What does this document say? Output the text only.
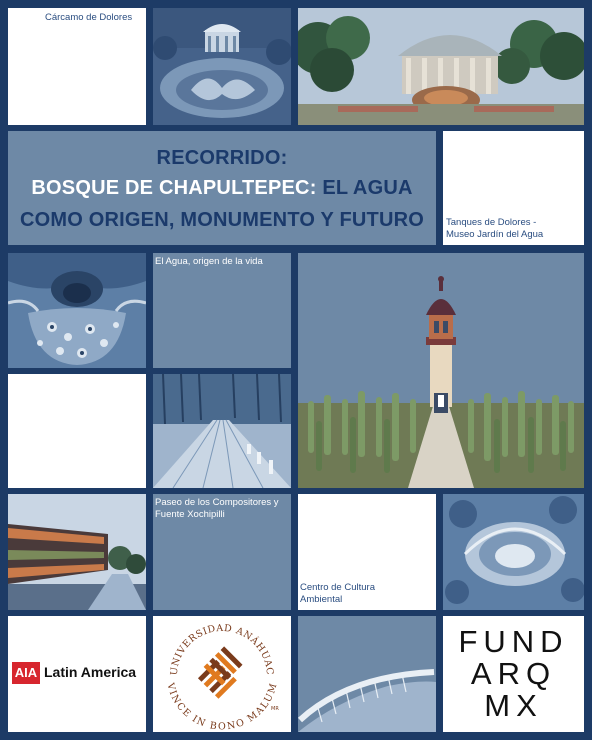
Cárcamo de Dolores
RECORRIDO:
BOSQUE DE CHAPULTEPEC: EL AGUA
COMO ORIGEN, MONUMENTO Y FUTURO	Tanques de Dolores -
Museo Jardín del Agua
El Agua, origen de la vida
Paseo de los Compositores y
Fuente Xochipilli
Centro de Cultura
Ambiental
AIA Latin America	UNIVERSIDAD ANÁHUAC
VINCE IN BONO MALUM
MR
FUND
ARQ
MX
